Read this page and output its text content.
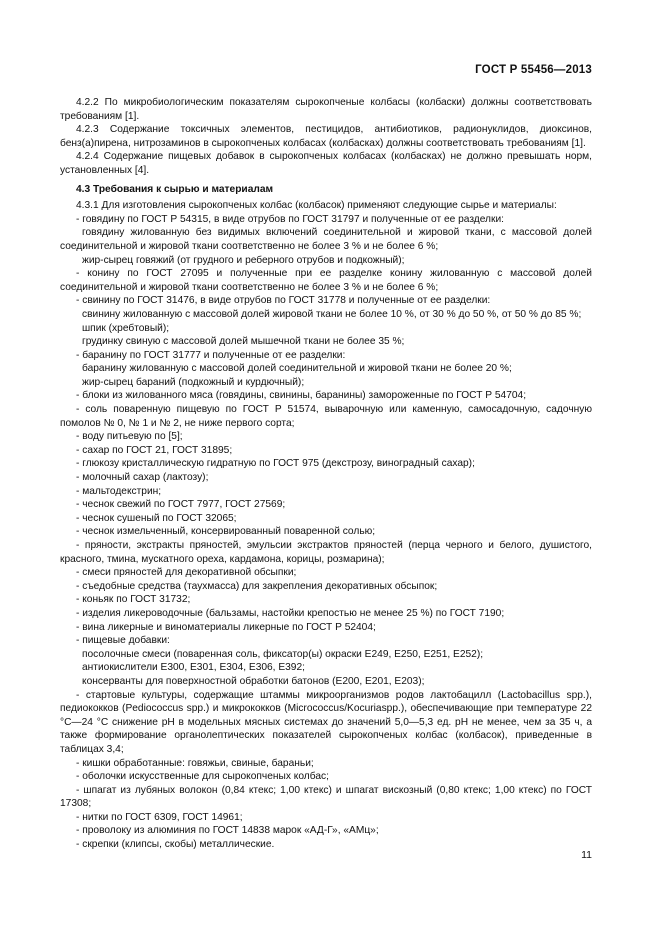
ГОСТ Р 55456—2013

4.2.2 По микробиологическим показателям сырокопченые колбасы (колбаски) должны соответствовать требованиям [1].

4.2.3 Содержание токсичных элементов, пестицидов, антибиотиков, радионуклидов, диоксинов, бенз(а)пирена, нитрозаминов в сырокопченых колбасах (колбасках) должны соответствовать требованиям [1].

4.2.4 Содержание пищевых добавок в сырокопченых колбасах (колбасках) не должно превышать норм, установленных [4].

4.3 Требования к сырью и материалам

4.3.1 Для изготовления сырокопченых колбас (колбасок) применяют следующие сырье и материалы:

- говядину по ГОСТ Р 54315, в виде отрубов по ГОСТ 31797 и полученные от ее разделки:

говядину жилованную без видимых включений соединительной и жировой ткани, с массовой долей соединительной и жировой ткани соответственно не более 3 % и не более 6 %;

жир-сырец говяжий (от грудного и реберного отрубов и подкожный);

- конину по ГОСТ 27095 и полученные при ее разделке конину жилованную с массовой долей соединительной и жировой ткани соответственно не более 3 % и не более 6 %;

- свинину по ГОСТ 31476, в виде отрубов по ГОСТ 31778 и полученные от ее разделки:

свинину жилованную с массовой долей жировой ткани не более 10 %, от 30 % до 50 %, от 50 % до 85 %;

шпик (хребтовый);

грудинку свиную с массовой долей мышечной ткани не более 35 %;

- баранину по ГОСТ 31777 и полученные от ее разделки:

баранину жилованную с массовой долей соединительной и жировой ткани не более 20 %;

жир-сырец бараний (подкожный и курдючный);

- блоки из жилованного мяса (говядины, свинины, баранины) замороженные по ГОСТ Р 54704;

- соль поваренную пищевую по ГОСТ Р 51574, выварочную или каменную, самосадочную, садочную помолов № 0, № 1 и № 2, не ниже первого сорта;

- воду питьевую по [5];

- сахар по ГОСТ 21, ГОСТ 31895;

- глюкозу кристаллическую гидратную по ГОСТ 975 (декстрозу, виноградный сахар);

- молочный сахар (лактозу);

- мальтодекстрин;

- чеснок свежий по ГОСТ 7977, ГОСТ 27569;

- чеснок сушеный по ГОСТ 32065;

- чеснок измельченный, консервированный поваренной солью;

- пряности, экстракты пряностей, эмульсии экстрактов пряностей (перца черного и белого, душистого, красного, тмина, мускатного ореха, кардамона, корицы, розмарина);

- смеси пряностей для декоративной обсыпки;

- съедобные средства (таухмасса) для закрепления декоративных обсыпок;

- коньяк по ГОСТ 31732;

- изделия ликероводочные (бальзамы, настойки крепостью не менее 25 %) по ГОСТ 7190;

- вина ликерные и виноматериалы ликерные по ГОСТ Р 52404;

- пищевые добавки:

посолочные смеси (поваренная соль, фиксатор(ы) окраски Е249, Е250, Е251, Е252);

антиокислители Е300, Е301, Е304, Е306, Е392;

консерванты для поверхностной обработки батонов (Е200, Е201, Е203);

- стартовые культуры, содержащие штаммы микроорганизмов родов лактобацилл (Lactobacillus spp.), педиококков (Pediococcus spp.) и микрококков (Micrococcus/Kocuriaspp.), обеспечивающие при температуре 22 °С—24 °С снижение рН в модельных мясных системах до значений 5,0—5,3 ед. рН не менее, чем за 35 ч, а также формирование органолептических показателей сырокопченых колбас (колбасок), приведенные в таблицах 3,4;

- кишки обработанные: говяжьи, свиные, бараньи;

- оболочки искусственные для сырокопченых колбас;

- шпагат из лубяных волокон (0,84 ктекс; 1,00 ктекс) и шпагат вискозный (0,80 ктекс; 1,00 ктекс) по ГОСТ 17308;

- нитки по ГОСТ 6309, ГОСТ 14961;

- проволоку из алюминия по ГОСТ 14838 марок «АД-Г», «АМц»;

- скрепки (клипсы, скобы) металлические.

11
